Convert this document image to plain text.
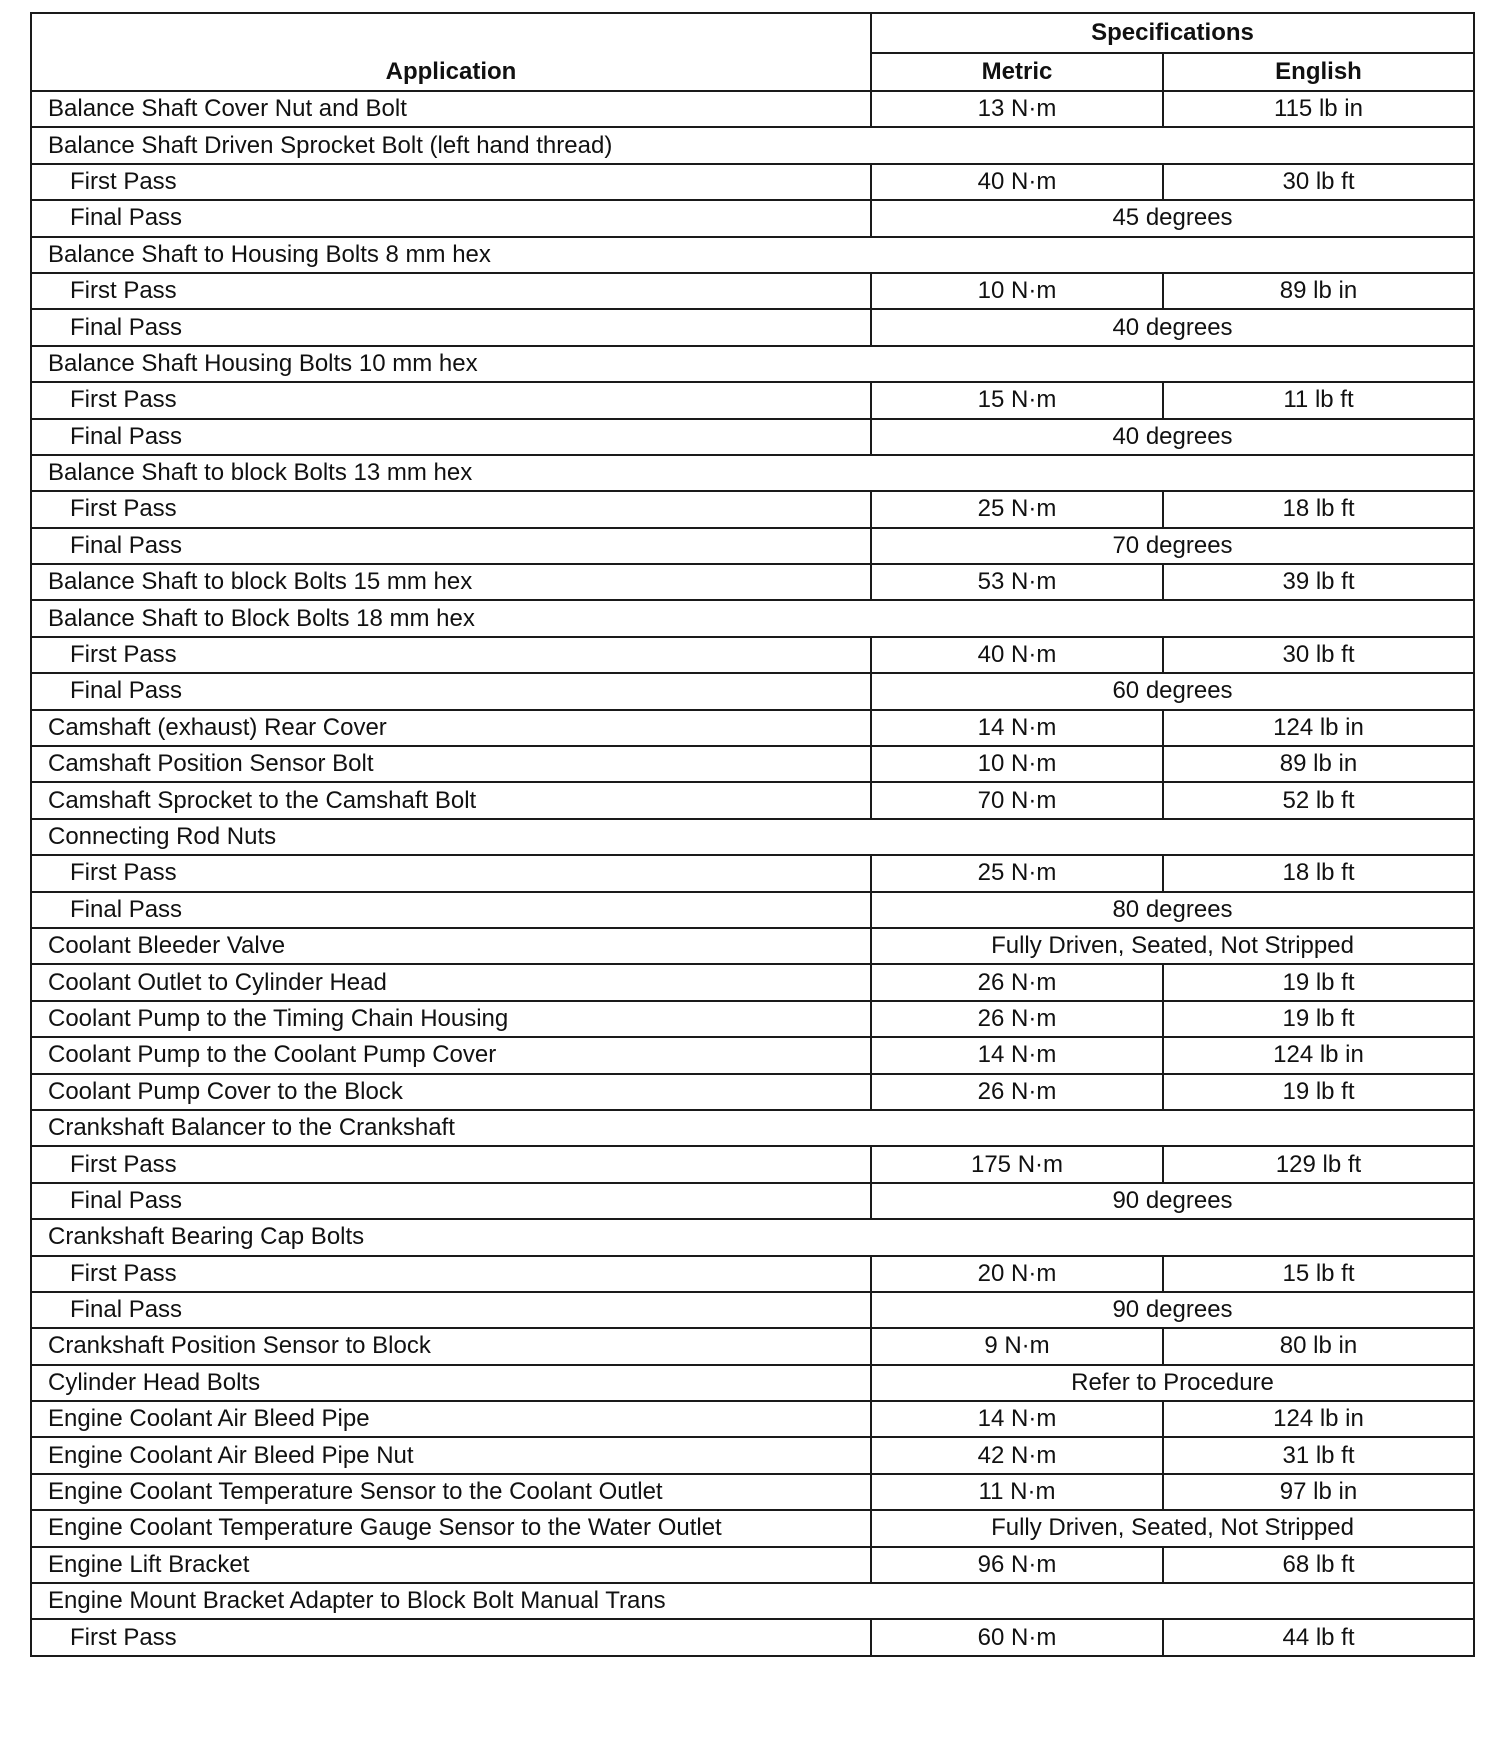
Application	Specifications	
	Metric	English
Balance Shaft Cover Nut and Bolt	13 N·m	115 lb in
Balance Shaft Driven Sprocket Bolt (left hand thread)		
First Pass	40 N·m	30 lb ft
Final Pass	45 degrees	
Balance Shaft to Housing Bolts 8 mm hex		
First Pass	10 N·m	89 lb in
Final Pass	40 degrees	
Balance Shaft Housing Bolts 10 mm hex		
First Pass	15 N·m	11 lb ft
Final Pass	40 degrees	
Balance Shaft to block Bolts 13 mm hex		
First Pass	25 N·m	18 lb ft
Final Pass	70 degrees	
Balance Shaft to block Bolts 15 mm hex	53 N·m	39 lb ft
Balance Shaft to Block Bolts 18 mm hex		
First Pass	40 N·m	30 lb ft
Final Pass	60 degrees	
Camshaft (exhaust) Rear Cover	14 N·m	124 lb in
Camshaft Position Sensor Bolt	10 N·m	89 lb in
Camshaft Sprocket to the Camshaft Bolt	70 N·m	52 lb ft
Connecting Rod Nuts		
First Pass	25 N·m	18 lb ft
Final Pass	80 degrees	
Coolant Bleeder Valve	Fully Driven, Seated, Not Stripped	
Coolant Outlet to Cylinder Head	26 N·m	19 lb ft
Coolant Pump to the Timing Chain Housing	26 N·m	19 lb ft
Coolant Pump to the Coolant Pump Cover	14 N·m	124 lb in
Coolant Pump Cover to the Block	26 N·m	19 lb ft
Crankshaft Balancer to the Crankshaft		
First Pass	175 N·m	129 lb ft
Final Pass	90 degrees	
Crankshaft Bearing Cap Bolts		
First Pass	20 N·m	15 lb ft
Final Pass	90 degrees	
Crankshaft Position Sensor to Block	9 N·m	80 lb in
Cylinder Head Bolts	Refer to Procedure	
Engine Coolant Air Bleed Pipe	14 N·m	124 lb in
Engine Coolant Air Bleed Pipe Nut	42 N·m	31 lb ft
Engine Coolant Temperature Sensor to the Coolant Outlet	11 N·m	97 lb in
Engine Coolant Temperature Gauge Sensor to the Water Outlet	Fully Driven, Seated, Not Stripped	
Engine Lift Bracket	96 N·m	68 lb ft
Engine Mount Bracket Adapter to Block Bolt Manual Trans		
First Pass	60 N·m	44 lb ft
